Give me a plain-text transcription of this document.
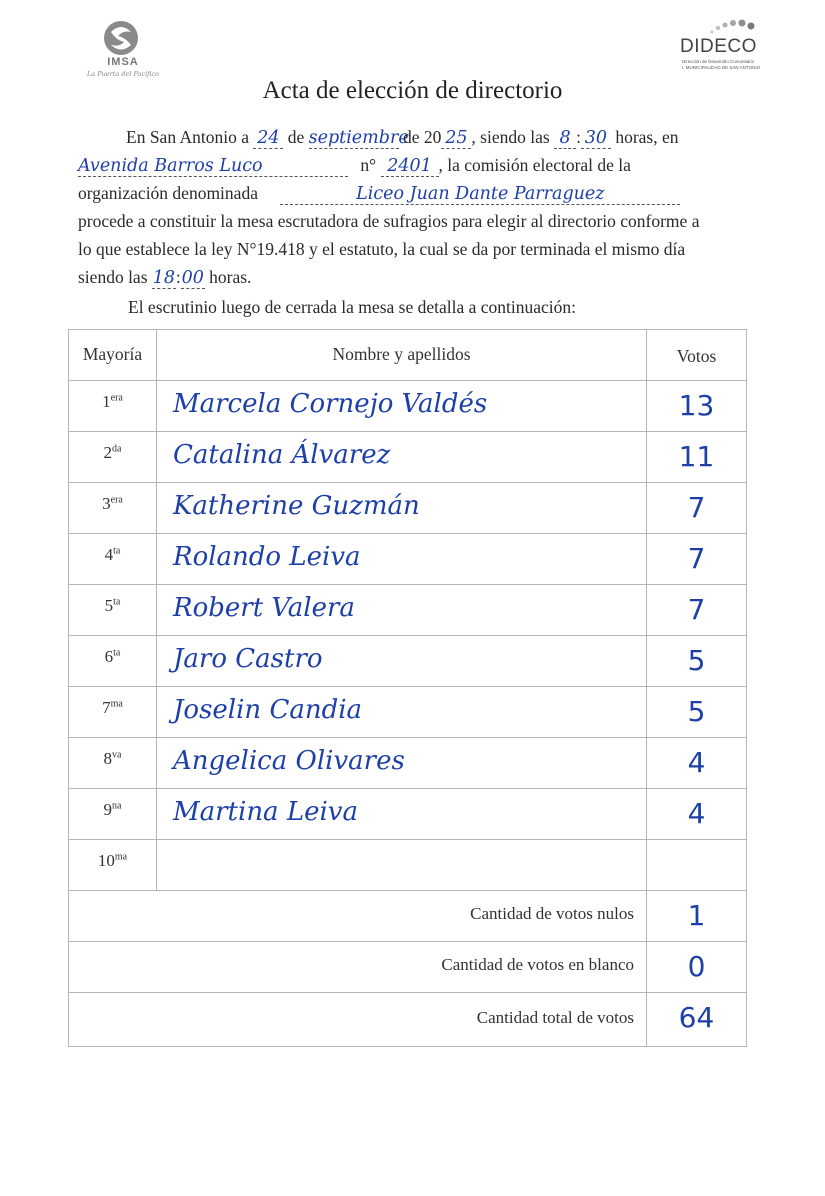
IMSA
La Puerta del Pacífico
DIDECO
Dirección de Desarrollo Comunitario
I. MUNICIPALIDAD DE SAN ANTONIO
Acta de elección de directorio
En San Antonio a 24 de septiembre de 20 25 , siendo las 8 : 30 horas, en
Avenida Barros Luco	n° 2401 , la comisión electoral de la
organización denominada	Liceo Juan Dante Parraguez
procede a constituir la mesa escrutadora de sufragios para elegir al directorio conforme a
lo que establece la ley N°19.418 y el estatuto, la cual se da por terminada el mismo día
siendo las 18:00 horas.
El escrutinio luego de cerrada la mesa se detalla a continuación:
Mayoría	Nombre y apellidos	Votos
$1^{era}$	Marcela Cornejo Valdés	13
$2^{da}$	Catalina Álvarez	11
$3^{era}$	Katherine Guzmán	7
$4^{ta}$	Rolando Leiva	7
$5^{ta}$	Robert Valera	7
$6^{ta}$	Jaro Castro	5
$7^{ma}$	Joselin Candia	5
$8^{va}$	Angelica Olivares	4
$9^{na}$	Martina Leiva	4
$10^{ma}$
Cantidad de votos nulos	1
Cantidad de votos en blanco	0
Cantidad total de votos	64
